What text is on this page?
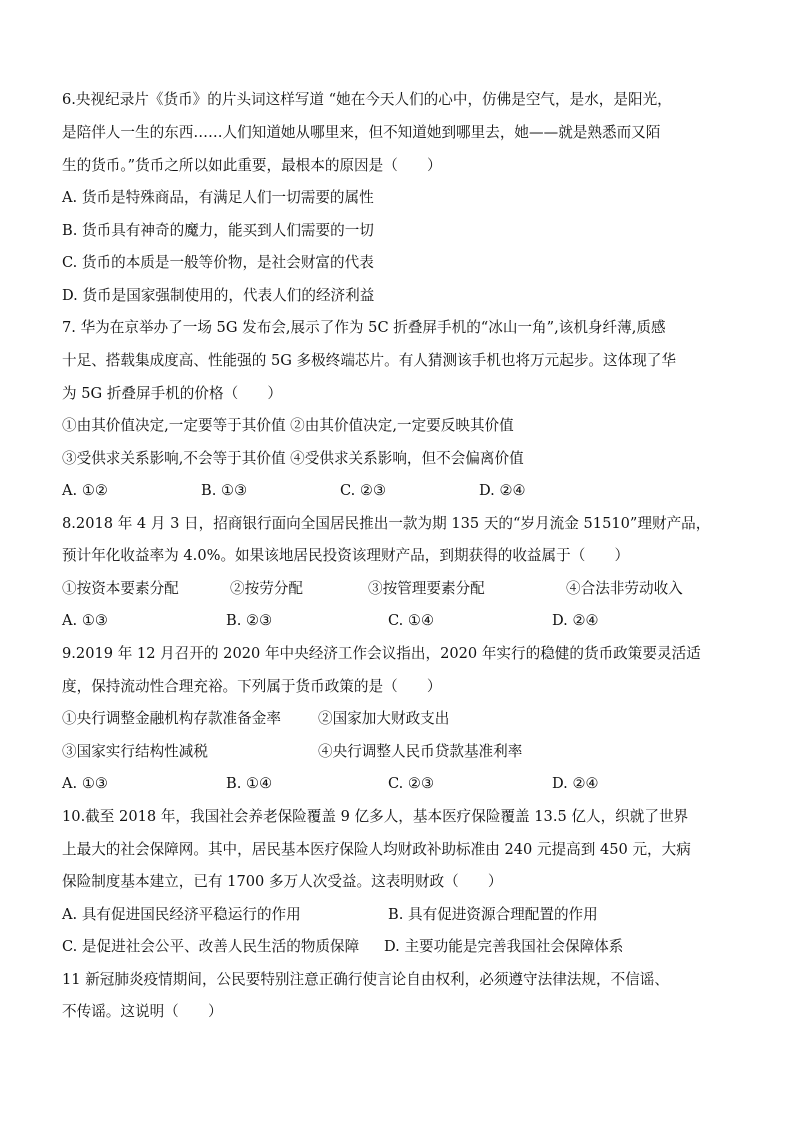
6.央视纪录片《货币》的片头词这样写道 “她在今天人们的心中，仿佛是空气，是水，是阳光，
是陪伴人一生的东西……人们知道她从哪里来，但不知道她到哪里去，她——就是熟悉而又陌
生的货币。”货币之所以如此重要，最根本的原因是（　　）
A. 货币是特殊商品，有满足人们一切需要的属性
B. 货币具有神奇的魔力，能买到人们需要的一切
C. 货币的本质是一般等价物，是社会财富的代表
D. 货币是国家强制使用的，代表人们的经济利益
7. 华为在京举办了一场 5G 发布会,展示了作为 5C 折叠屏手机的“冰山一角”,该机身纤薄,质感
十足、搭载集成度高、性能强的 5G 多极终端芯片。有人猜测该手机也将万元起步。这体现了华
为 5G 折叠屏手机的价格（　　）
①由其价值决定,一定要等于其价值 ②由其价值决定,一定要反映其价值
③受供求关系影响,不会等于其价值 ④受供求关系影响，但不会偏离价值
A. ①②	B. ①③	C. ②③	D. ②④
8.2018 年 4 月 3 日，招商银行面向全国居民推出一款为期 135 天的“岁月流金 51510”理财产品，
预计年化收益率为 4.0%。如果该地居民投资该理财产品，到期获得的收益属于（　　）
①按资本要素分配	②按劳分配	③按管理要素分配	④合法非劳动收入
A. ①③	B. ②③	C. ①④	D. ②④
9.2019 年 12 月召开的 2020 年中央经济工作会议指出，2020 年实行的稳健的货币政策要灵活适
度，保持流动性合理充裕。下列属于货币政策的是（　　）
①央行调整金融机构存款准备金率	②国家加大财政支出
③国家实行结构性减税	④央行调整人民币贷款基准利率
A. ①③	B. ①④	C. ②③	D. ②④
10.截至 2018 年，我国社会养老保险覆盖 9 亿多人，基本医疗保险覆盖 13.5 亿人，织就了世界
上最大的社会保障网。其中，居民基本医疗保险人均财政补助标准由 240 元提高到 450 元，大病
保险制度基本建立，已有 1700 多万人次受益。这表明财政（　　）
A. 具有促进国民经济平稳运行的作用	B. 具有促进资源合理配置的作用
C. 是促进社会公平、改善人民生活的物质保障 D. 主要功能是完善我国社会保障体系
11 新冠肺炎疫情期间，公民要特别注意正确行使言论自由权利，必须遵守法律法规，不信谣、
不传谣。这说明（　　）
